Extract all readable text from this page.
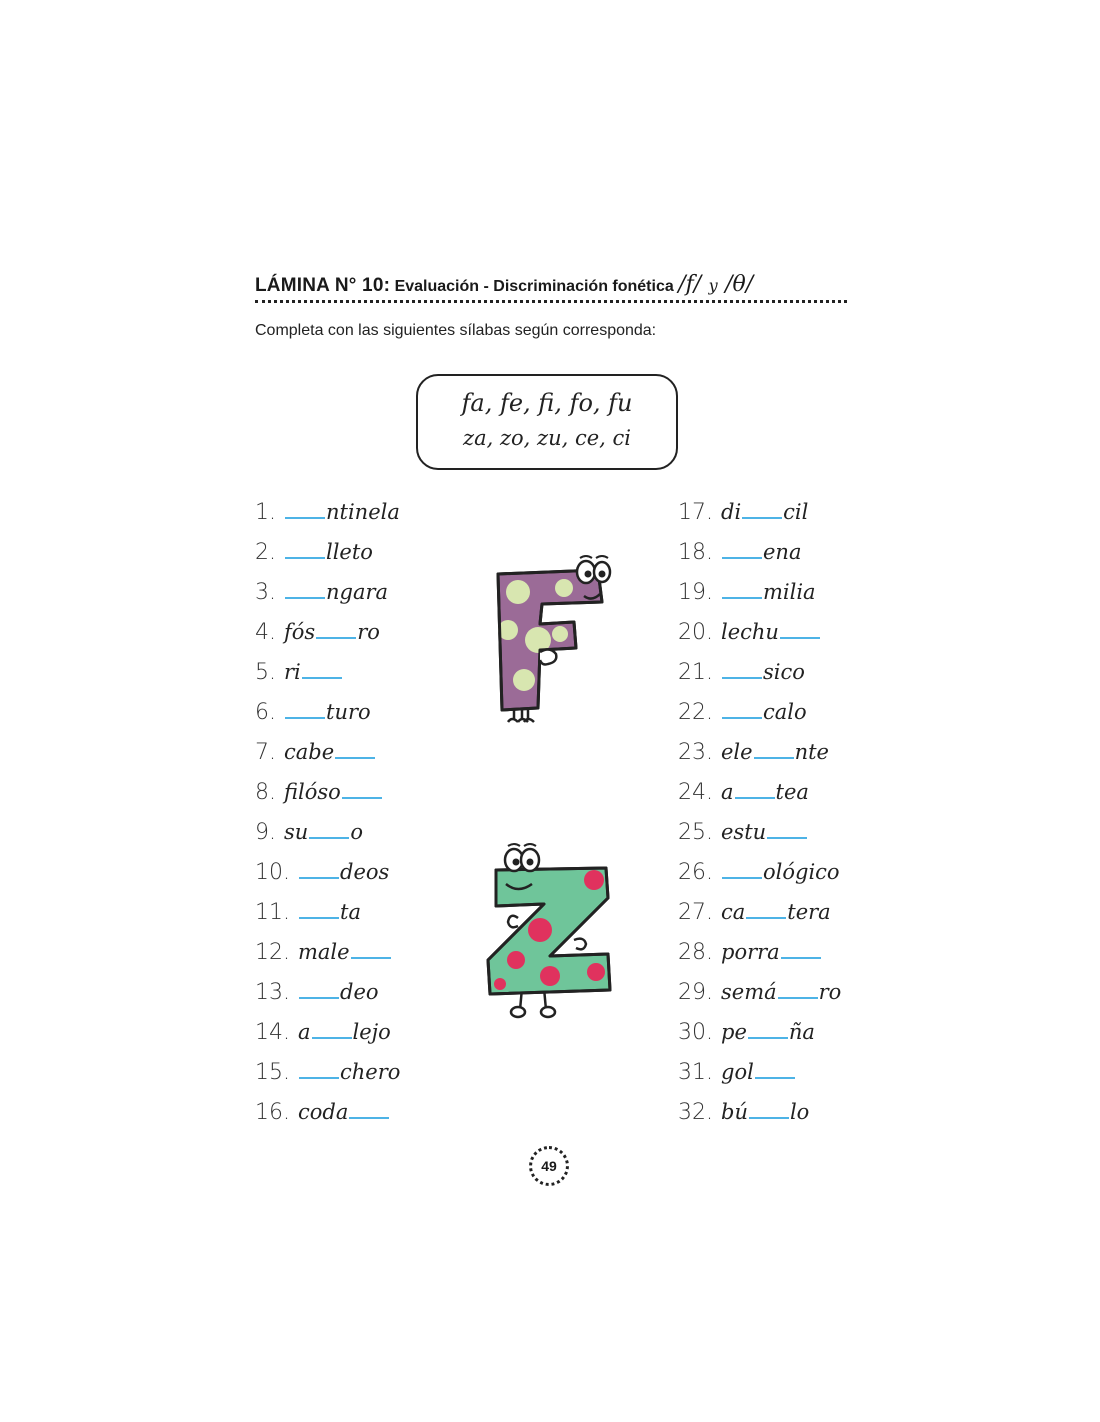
LÁMINA N° 10: Evaluación - Discriminación fonética /f/ y /θ/
Completa con las siguientes sílabas según corresponda:
fa, fe, fi, fo, fu
za, zo, zu, ce, ci
1. ntinela
2. lleto
3. ngara
4. fós ro
5. ri
6. turo
7. cabe
8. filóso
9. su o
10. deos
11. ta
12. male
13. deo
14. a lejo
15. chero
16. coda
17. di cil
18. ena
19. milia
20. lechu
21. sico
22. calo
23. ele nte
24. a tea
25. estu
26. ológico
27. ca tera
28. porra
29. semá ro
30. pe ña
31. gol
32. bú lo
49
